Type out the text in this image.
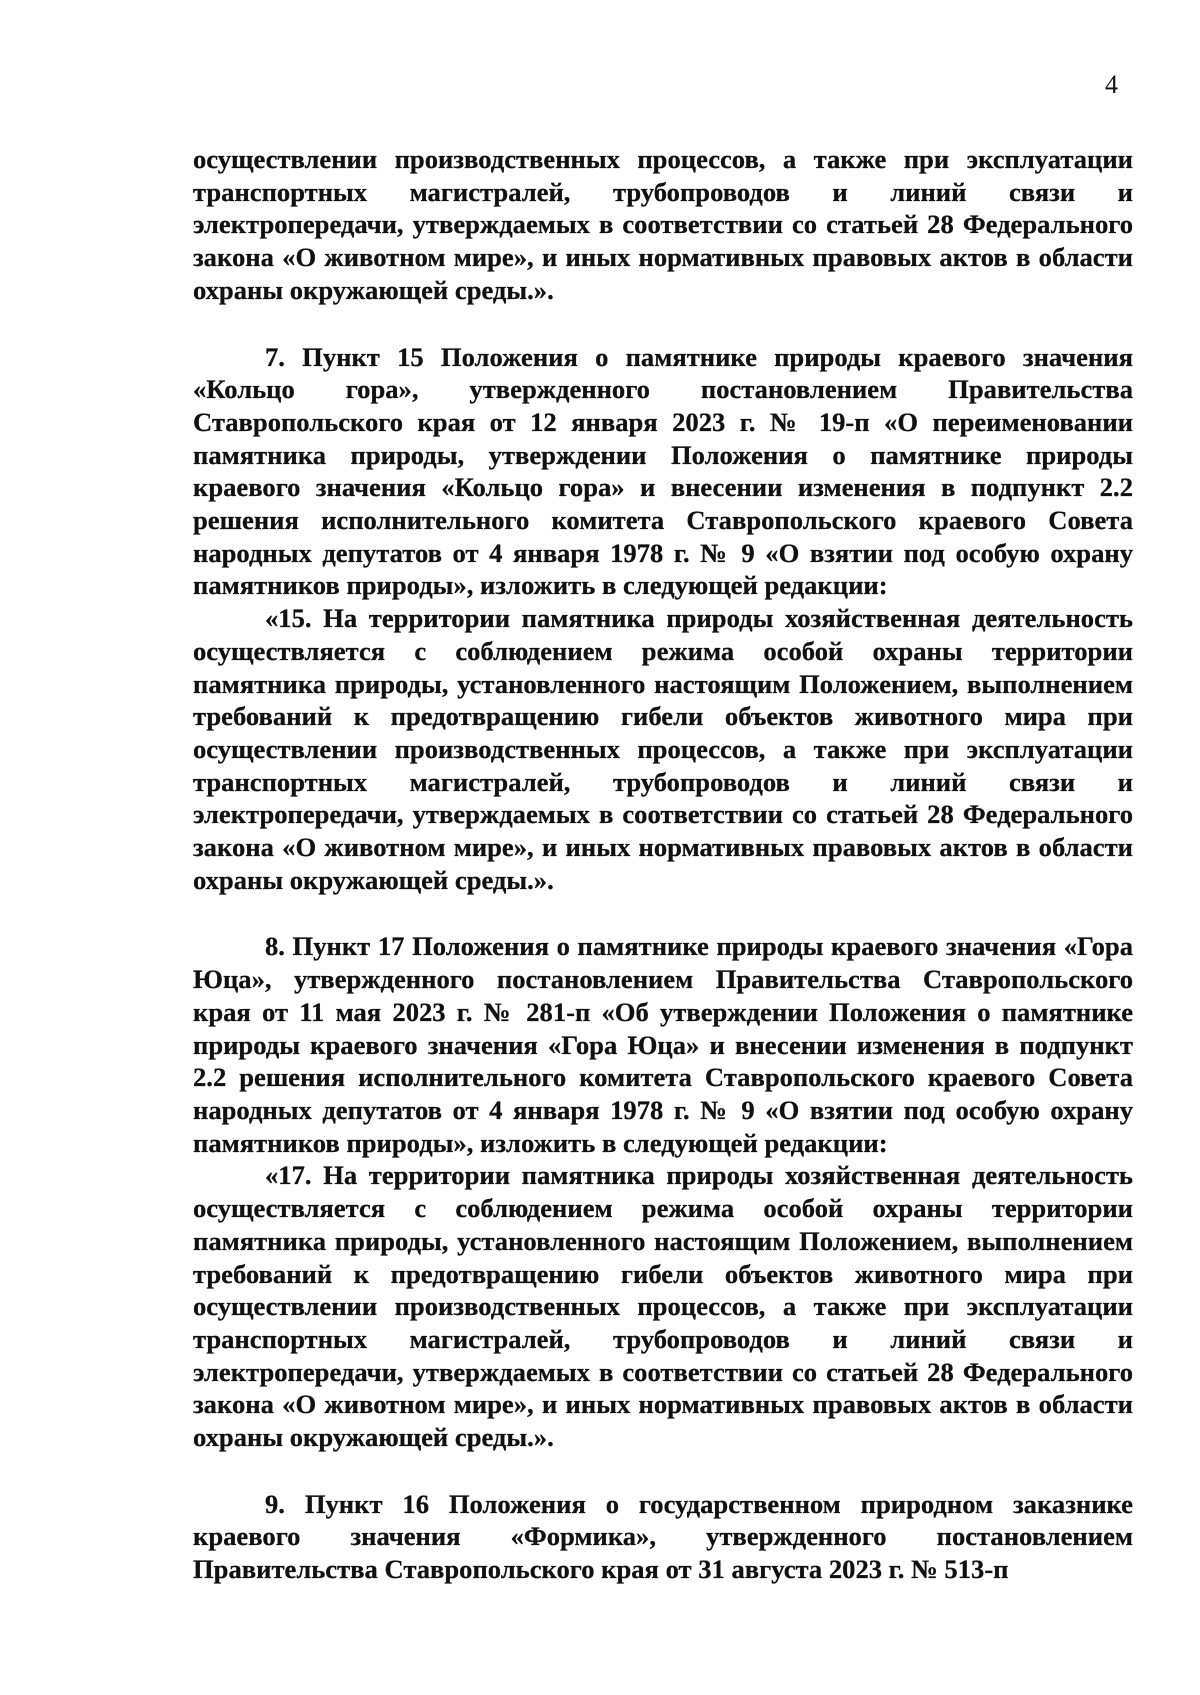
4

осуществлении производственных процессов, а также при эксплуатации транспортных магистралей, трубопроводов и линий связи и электропередачи, утверждаемых в соответствии со статьей 28 Федерального закона «О животном мире», и иных нормативных правовых актов в области охраны окружающей среды.».

7. Пункт 15 Положения о памятнике природы краевого значения «Кольцо гора», утвержденного постановлением Правительства Ставропольского края от 12 января 2023 г. № 19-п «О переименовании памятника природы, утверждении Положения о памятнике природы краевого значения «Кольцо гора» и внесении изменения в подпункт 2.2 решения исполнительного комитета Ставропольского краевого Совета народных депутатов от 4 января 1978 г. № 9 «О взятии под особую охрану памятников природы», изложить в следующей редакции:

«15. На территории памятника природы хозяйственная деятельность осуществляется с соблюдением режима особой охраны территории памятника природы, установленного настоящим Положением, выполнением требований к предотвращению гибели объектов животного мира при осуществлении производственных процессов, а также при эксплуатации транспортных магистралей, трубопроводов и линий связи и электропередачи, утверждаемых в соответствии со статьей 28 Федерального закона «О животном мире», и иных нормативных правовых актов в области охраны окружающей среды.».

8. Пункт 17 Положения о памятнике природы краевого значения «Гора Юца», утвержденного постановлением Правительства Ставропольского края от 11 мая 2023 г. № 281-п «Об утверждении Положения о памятнике природы краевого значения «Гора Юца» и внесении изменения в подпункт 2.2 решения исполнительного комитета Ставропольского краевого Совета народных депутатов от 4 января 1978 г. № 9 «О взятии под особую охрану памятников природы», изложить в следующей редакции:

«17. На территории памятника природы хозяйственная деятельность осуществляется с соблюдением режима особой охраны территории памятника природы, установленного настоящим Положением, выполнением требований к предотвращению гибели объектов животного мира при осуществлении производственных процессов, а также при эксплуатации транспортных магистралей, трубопроводов и линий связи и электропередачи, утверждаемых в соответствии со статьей 28 Федерального закона «О животном мире», и иных нормативных правовых актов в области охраны окружающей среды.».

9. Пункт 16 Положения о государственном природном заказнике краевого значения «Формика», утвержденного постановлением Правительства Ставропольского края от 31 августа 2023 г. № 513-п
